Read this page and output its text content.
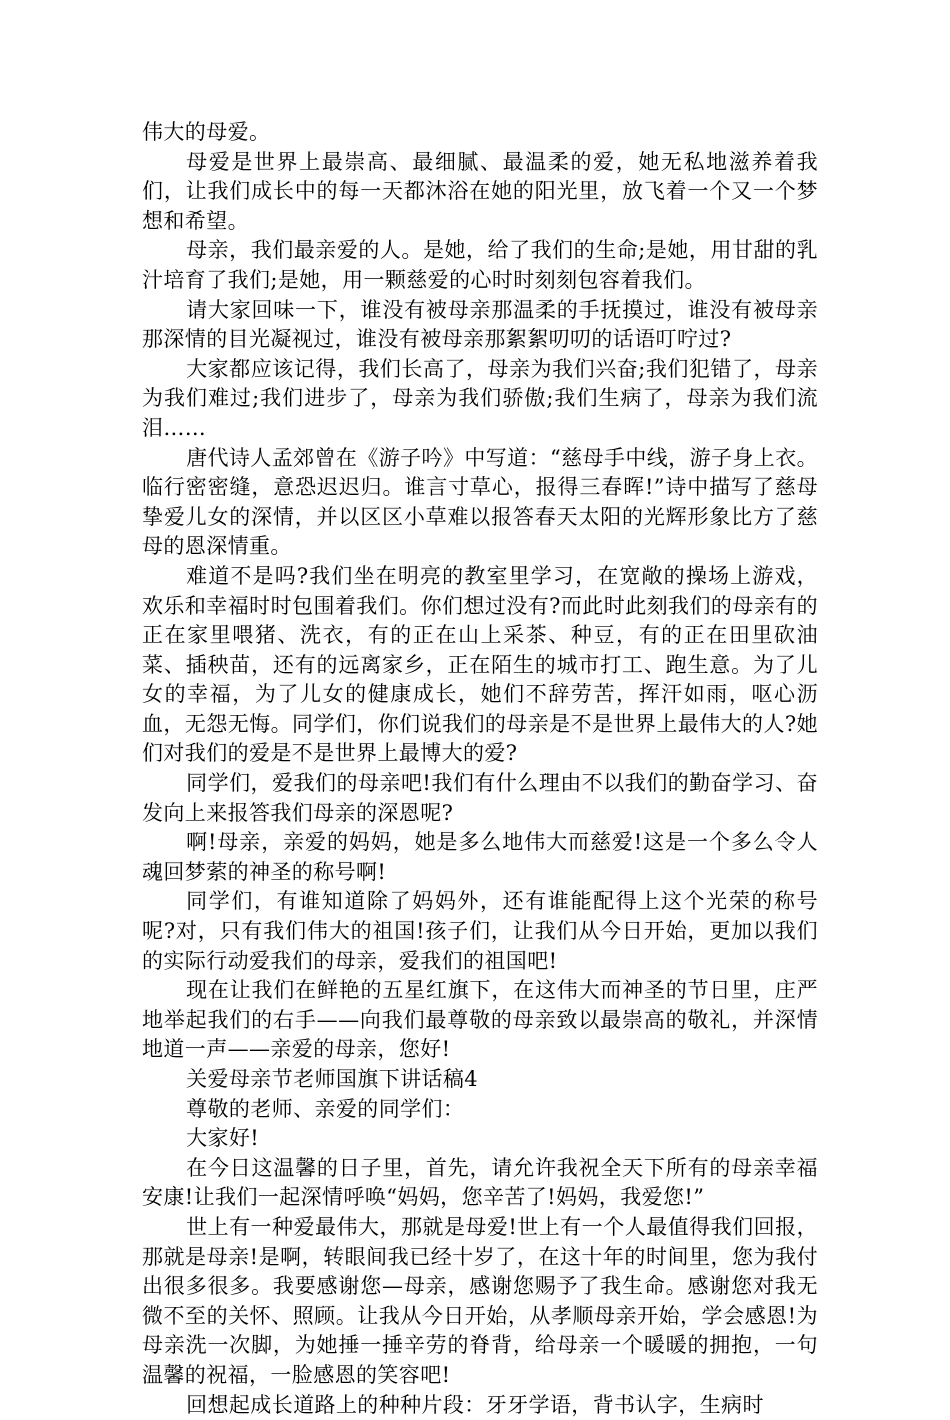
伟大的母爱。

母爱是世界上最崇高、最细腻、最温柔的爱，她无私地滋养着我们，让我们成长中的每一天都沐浴在她的阳光里，放飞着一个又一个梦想和希望。

母亲，我们最亲爱的人。是她，给了我们的生命;是她，用甘甜的乳汁培育了我们;是她，用一颗慈爱的心时时刻刻包容着我们。

请大家回味一下，谁没有被母亲那温柔的手抚摸过，谁没有被母亲那深情的目光凝视过，谁没有被母亲那絮絮叨叨的话语叮咛过?

大家都应该记得，我们长高了，母亲为我们兴奋;我们犯错了，母亲为我们难过;我们进步了，母亲为我们骄傲;我们生病了，母亲为我们流泪……

唐代诗人孟郊曾在《游子吟》中写道：“慈母手中线，游子身上衣。临行密密缝，意恐迟迟归。谁言寸草心，报得三春晖!”诗中描写了慈母挚爱儿女的深情，并以区区小草难以报答春天太阳的光辉形象比方了慈母的恩深情重。

难道不是吗?我们坐在明亮的教室里学习，在宽敞的操场上游戏，欢乐和幸福时时包围着我们。你们想过没有?而此时此刻我们的母亲有的正在家里喂猪、洗衣，有的正在山上采茶、种豆，有的正在田里砍油菜、插秧苗，还有的远离家乡，正在陌生的城市打工、跑生意。为了儿女的幸福，为了儿女的健康成长，她们不辞劳苦，挥汗如雨，呕心沥血，无怨无悔。同学们，你们说我们的母亲是不是世界上最伟大的人?她们对我们的爱是不是世界上最博大的爱?

同学们，爱我们的母亲吧!我们有什么理由不以我们的勤奋学习、奋发向上来报答我们母亲的深恩呢?

啊!母亲，亲爱的妈妈，她是多么地伟大而慈爱!这是一个多么令人魂回梦萦的神圣的称号啊!

同学们，有谁知道除了妈妈外，还有谁能配得上这个光荣的称号呢?对，只有我们伟大的祖国!孩子们，让我们从今日开始，更加以我们的实际行动爱我们的母亲，爱我们的祖国吧!

现在让我们在鲜艳的五星红旗下，在这伟大而神圣的节日里，庄严地举起我们的右手——向我们最尊敬的母亲致以最崇高的敬礼，并深情地道一声——亲爱的母亲，您好!

关爱母亲节老师国旗下讲话稿4

尊敬的老师、亲爱的同学们：

大家好!

在今日这温馨的日子里，首先，请允许我祝全天下所有的母亲幸福安康!让我们一起深情呼唤“妈妈，您辛苦了!妈妈，我爱您!”

世上有一种爱最伟大，那就是母爱!世上有一个人最值得我们回报，那就是母亲!是啊，转眼间我已经十岁了，在这十年的时间里，您为我付出很多很多。我要感谢您—母亲，感谢您赐予了我生命。感谢您对我无微不至的关怀、照顾。让我从今日开始，从孝顺母亲开始，学会感恩!为母亲洗一次脚，为她捶一捶辛劳的脊背，给母亲一个暖暖的拥抱，一句温馨的祝福，一脸感恩的笑容吧!

回想起成长道路上的种种片段：牙牙学语，背书认字，生病时
